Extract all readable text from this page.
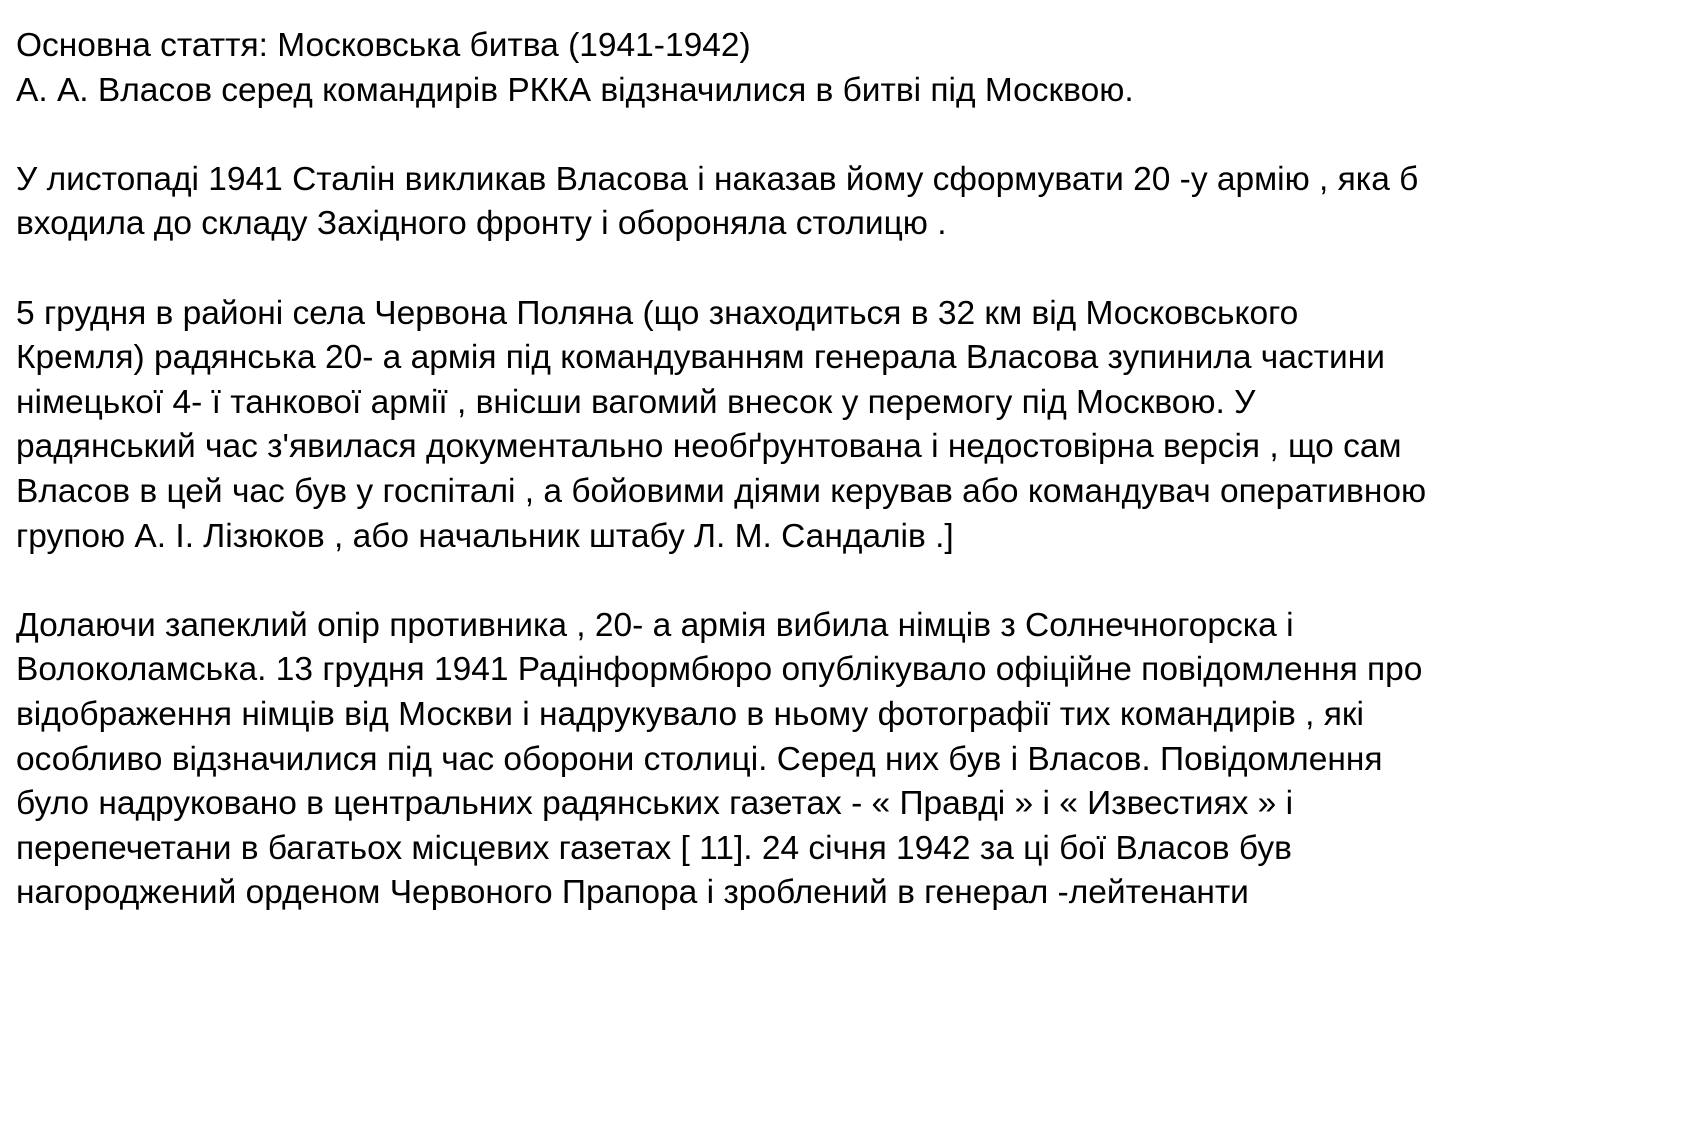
Основна стаття: Московська битва (1941-1942)
А. А. Власов серед командирів РККА відзначилися в битві під Москвою.

У листопаді 1941 Сталін викликав Власова і наказав йому сформувати 20 -у армію , яка б
входила до складу Західного фронту і обороняла столицю .

5 грудня в районі села Червона Поляна (що знаходиться в 32 км від Московського
Кремля) радянська 20- а армія під командуванням генерала Власова зупинила частини
німецької 4- ї танкової армії , внісши вагомий внесок у перемогу під Москвою. У
радянський час з'явилася документально необґрунтована і недостовірна версія , що сам
Власов в цей час був у госпіталі , а бойовими діями керував або командувач оперативною
групою А. І. Лізюков , або начальник штабу Л. М. Сандалів .]

Долаючи запеклий опір противника , 20- а армія вибила німців з Солнечногорска і
Волоколамська. 13 грудня 1941 Радінформбюро опублікувало офіційне повідомлення про
відображення німців від Москви і надрукувало в ньому фотографії тих командирів , які
особливо відзначилися під час оборони столиці. Серед них був і Власов. Повідомлення
було надруковано в центральних радянських газетах - « Правді » і « Известиях » і
перепечетани в багатьох місцевих газетах [ 11]. 24 січня 1942 за ці бої Власов був
нагороджений орденом Червоного Прапора і зроблений в генерал -лейтенанти
